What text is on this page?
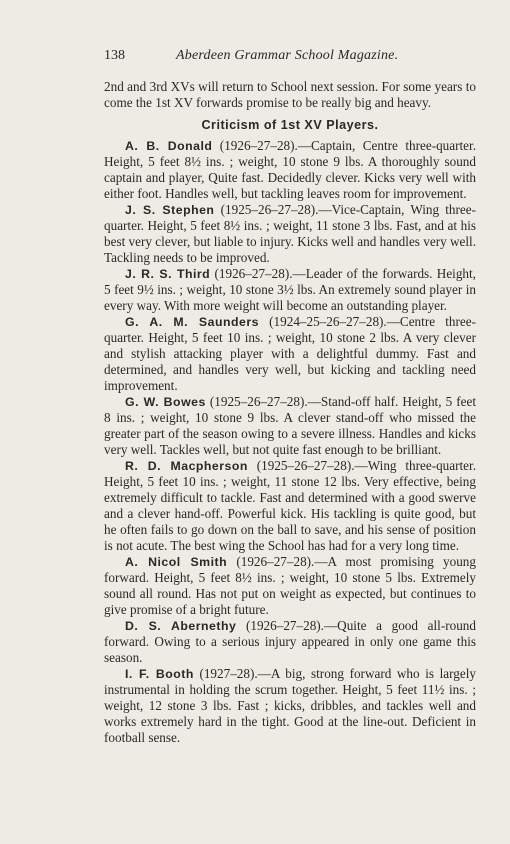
138	Aberdeen Grammar School Magazine.

2nd and 3rd XVs will return to School next session. For some years to come the 1st XV forwards promise to be really big and heavy.

Criticism of 1st XV Players.

A. B. Donald (1926–27–28).—Captain, Centre three-quarter. Height, 5 feet 8½ ins. ; weight, 10 stone 9 lbs. A thoroughly sound captain and player, Quite fast. Decidedly clever. Kicks very well with either foot. Handles well, but tackling leaves room for improvement.

J. S. Stephen (1925–26–27–28).—Vice-Captain, Wing three-quarter. Height, 5 feet 8½ ins. ; weight, 11 stone 3 lbs. Fast, and at his best very clever, but liable to injury. Kicks well and handles very well. Tackling needs to be improved.

J. R. S. Third (1926–27–28).—Leader of the forwards. Height, 5 feet 9½ ins. ; weight, 10 stone 3½ lbs. An extremely sound player in every way. With more weight will become an outstanding player.

G. A. M. Saunders (1924–25–26–27–28).—Centre three-quarter. Height, 5 feet 10 ins. ; weight, 10 stone 2 lbs. A very clever and stylish attacking player with a delightful dummy. Fast and determined, and handles very well, but kicking and tackling need improvement.

G. W. Bowes (1925–26–27–28).—Stand-off half. Height, 5 feet 8 ins. ; weight, 10 stone 9 lbs. A clever stand-off who missed the greater part of the season owing to a severe illness. Handles and kicks very well. Tackles well, but not quite fast enough to be brilliant.

R. D. Macpherson (1925–26–27–28).—Wing three-quarter. Height, 5 feet 10 ins. ; weight, 11 stone 12 lbs. Very effective, being extremely difficult to tackle. Fast and determined with a good swerve and a clever hand-off. Powerful kick. His tackling is quite good, but he often fails to go down on the ball to save, and his sense of position is not acute. The best wing the School has had for a very long time.

A. Nicol Smith (1926–27–28).—A most promising young forward. Height, 5 feet 8½ ins. ; weight, 10 stone 5 lbs. Extremely sound all round. Has not put on weight as expected, but continues to give promise of a bright future.

D. S. Abernethy (1926–27–28).—Quite a good all-round forward. Owing to a serious injury appeared in only one game this season.

I. F. Booth (1927–28).—A big, strong forward who is largely instrumental in holding the scrum together. Height, 5 feet 11½ ins. ; weight, 12 stone 3 lbs. Fast ; kicks, dribbles, and tackles well and works extremely hard in the tight. Good at the line-out. Deficient in football sense.
